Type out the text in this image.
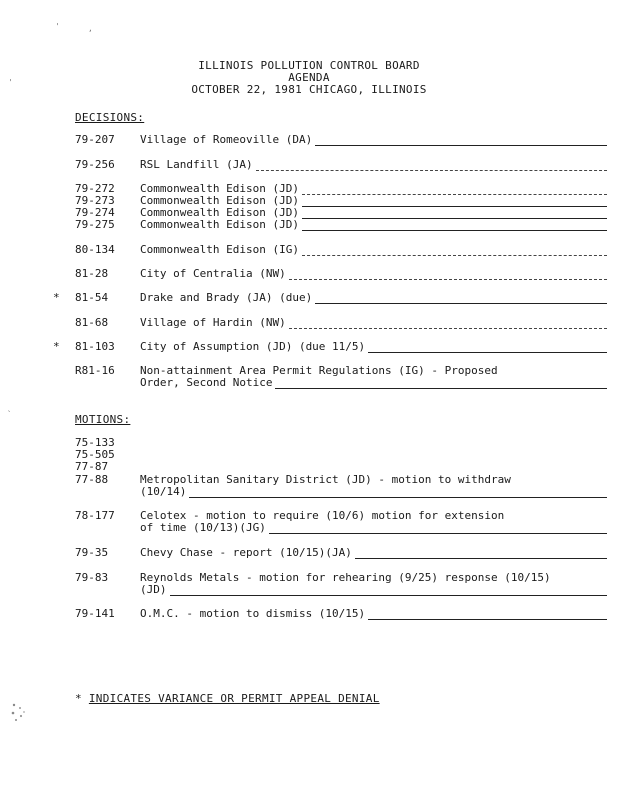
'	,
'
`
ILLINOIS POLLUTION CONTROL BOARD
AGENDA
OCTOBER 22, 1981 CHICAGO, ILLINOIS
DECISIONS:
79-207	Village of Romeoville (DA)
79-256	RSL Landfill (JA)
79-272	Commonwealth Edison (JD)
79-273	Commonwealth Edison (JD)
79-274	Commonwealth Edison (JD)
79-275	Commonwealth Edison (JD)
80-134	Commonwealth Edison (IG)
81-28	City of Centralia (NW)
*	81-54	Drake and Brady (JA) (due)
81-68	Village of Hardin (NW)
*	81-103	City of Assumption (JD) (due 11/5)
R81-16	Non-attainment Area Permit Regulations (IG) - Proposed
Order, Second Notice
MOTIONS:
75-133
75-505
77-87
77-88	Metropolitan Sanitary District (JD) - motion to withdraw
(10/14)
78-177	Celotex - motion to require (10/6) motion for extension
of time (10/13)(JG)
79-35	Chevy Chase - report (10/15)(JA)
79-83	Reynolds Metals - motion for rehearing (9/25) response (10/15)
(JD)
79-141	O.M.C. - motion to dismiss (10/15)
* INDICATES VARIANCE OR PERMIT APPEAL DENIAL
